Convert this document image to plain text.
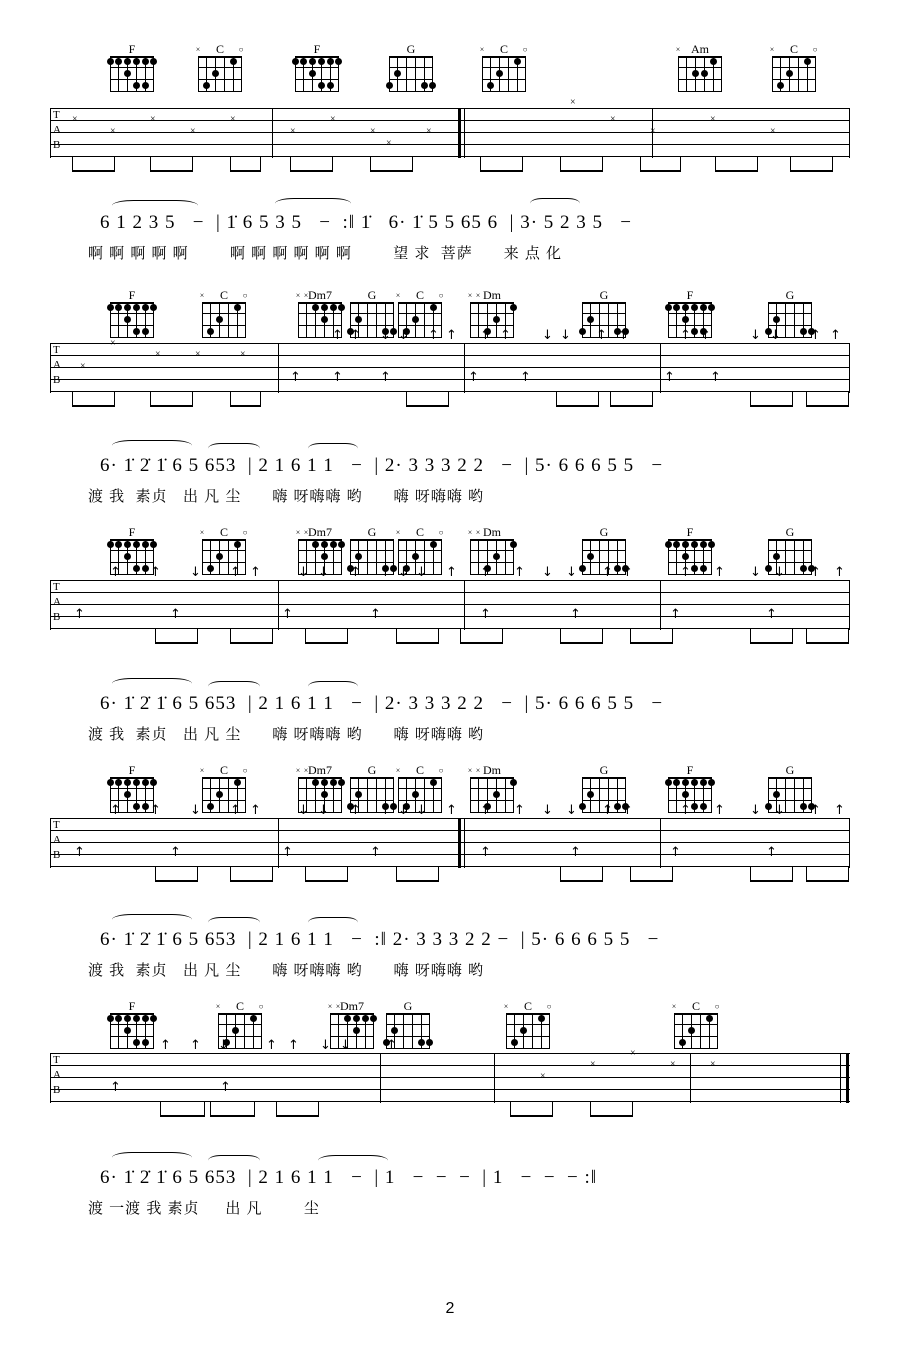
F	C
×	○	F	G	C
×	○	Am
×	C
×	○
T
A
B
×
×
×
×
×
×
×
×
×
×
×
×
×
×
×
6 1 2 3 5   −  | 1̇ 6 5 3 5   −  :‖ 1̇   6· 1̇ 5 5 65 6  | 3· 5 2 3 5   −
啊 啊 啊 啊 啊        啊 啊 啊 啊 啊 啊        望 求  菩萨      来 点 化
F	C
×	○	Dm7
× ×	G	C
×	○	Dm
× ×	G	F	G
T
A
B
×
×	×	×
×
↑ ↑ ↓ ↓ ↑ ↑ ↑ ↑ ↓ ↓ ↑ ↑	↑ ↑	↓ ↓ ↑ ↑
↑ ↑	↑	↑	↑	↑	↑
6· 1̇ 2̇ 1̇ 6 5 653  | 2 1 6 1 1   −  | 2· 3 3 3 2 2   −  | 5· 6 6 6 5 5   −
渡 我  素贞   出 凡 尘      嗨 呀嗨嗨 哟      嗨 呀嗨嗨 哟
F	C
×	○	Dm7
× ×	G	C
×	○	Dm
× ×	G	F	G
T
A
B
↑ ↑ ↓ ↑ ↑	↓ ↓ ↑ ↑ ↓ ↓ ↑ ↑ ↑ ↓ ↓ ↑ ↑	↑ ↑ ↓ ↓ ↑ ↑
↑	↑	↑	↑	↑	↑	↑	↑
6· 1̇ 2̇ 1̇ 6 5 653  | 2 1 6 1 1   −  | 2· 3 3 3 2 2   −  | 5· 6 6 6 5 5   −
渡 我  素贞   出 凡 尘      嗨 呀嗨嗨 哟      嗨 呀嗨嗨 哟
F	C
×	○	Dm7
× ×	G	C
×	○	Dm
× ×	G	F	G
T
A
B
↑ ↑ ↓ ↑ ↑	↓ ↓ ↑ ↑ ↓ ↓ ↑ ↑ ↑ ↓ ↓ ↑ ↑	↑ ↑ ↓ ↓ ↑ ↑
↑	↑	↑	↑	↑	↑	↑	↑
6· 1̇ 2̇ 1̇ 6 5 653  | 2 1 6 1 1   −  :‖ 2· 3 3 3 2 2 −  | 5· 6 6 6 5 5   −
渡 我  素贞   出 凡 尘      嗨 呀嗨嗨 哟      嗨 呀嗨嗨 哟
F	C
×	○	Dm7
× ×	G	C
×	○	C
×	○
T
A
B
↑ ↑ ↓	↑ ↑ ↓ ↓	↑
↑	↑
×
×
×
×	×
6· 1̇ 2̇ 1̇ 6 5 653  | 2 1 6 1 1   −  | 1   −  −  −  | 1   −  −  − :‖
渡 一渡 我 素贞     出 凡        尘
2
